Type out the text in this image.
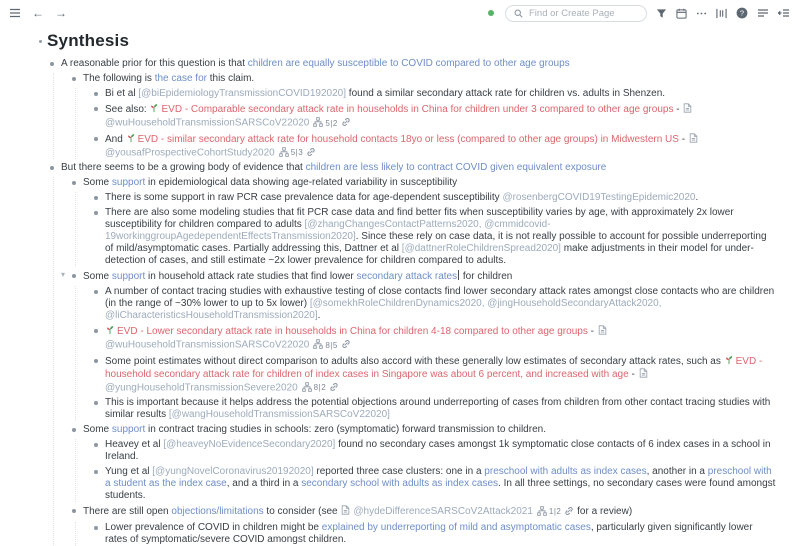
← →
Find or Create Page	?
Synthesis
A reasonable prior for this question is that children are equally susceptible to COVID compared to other age groups
The following is the case for this claim.
Bi et al [@biEpidemiologyTransmissionCOVID192020] found a similar secondary attack rate for children vs. adults in Shenzen.
See also: EVD - Comparable secondary attack rate in households in China for children under 3 compared to other age groups - @wuHouseholdTransmissionSARSCoV22020 5|2
And EVD - similar secondary attack rate for household contacts 18yo or less (compared to other age groups) in Midwestern US - @yousafProspectiveCohortStudy2020 5|3
But there seems to be a growing body of evidence that children are less likely to contract COVID given equivalent exposure
Some support in epidemiological data showing age-related variability in susceptibility
There is some support in raw PCR case prevalence data for age-dependent susceptibility @rosenbergCOVID19TestingEpidemic2020.
There are also some modeling studies that fit PCR case data and find better fits when susceptibility varies by age, with approximately 2x lower susceptibility for children compared to adults [@zhangChangesContactPatterns2020, @cmmidcovid-19workinggroupAgedependentEffectsTransmission2020]. Since these rely on case data, it is not really possible to account for possible underreporting of mild/asymptomatic cases. Partially addressing this, Dattner et al [@dattnerRoleChildrenSpread2020] make adjustments in their model for under-detection of cases, and still estimate ~2x lower prevalence for children compared to adults.
▾ Some support in household attack rate studies that find lower secondary attack rates for children
A number of contact tracing studies with exhaustive testing of close contacts find lower secondary attack rates amongst close contacts who are children (in the range of ~30% lower to up to 5x lower) [@somekhRoleChildrenDynamics2020, @jingHouseholdSecondaryAttack2020, @liCharacteristicsHouseholdTransmission2020].
EVD - Lower secondary attack rate in households in China for children 4-18 compared to other age groups - @wuHouseholdTransmissionSARSCoV22020 8|5
Some point estimates without direct comparison to adults also accord with these generally low estimates of secondary attack rates, such as EVD - household secondary attack rate for children of index cases in Singapore was about 6 percent, and increased with age - @yungHouseholdTransmissionSevere2020 8|2
This is important because it helps address the potential objections around underreporting of cases from children from other contact tracing studies with similar results [@wangHouseholdTransmissionSARSCoV22020]
Some support in contract tracing studies in schools: zero (symptomatic) forward transmission to children.
Heavey et al [@heaveyNoEvidenceSecondary2020] found no secondary cases amongst 1k symptomatic close contacts of 6 index cases in a school in Ireland.
Yung et al [@yungNovelCoronavirus20192020] reported three case clusters: one in a preschool with adults as index cases, another in a preschool with a student as the index case, and a third in a secondary school with adults as index cases. In all three settings, no secondary cases were found amongst students.
There are still open objections/limitations to consider (see @hydeDifferenceSARSCoV2Attack2021 1|2 for a review)
Lower prevalence of COVID in children might be explained by underreporting of mild and asymptomatic cases, particularly given significantly lower rates of symptomatic/severe COVID amongst children.
